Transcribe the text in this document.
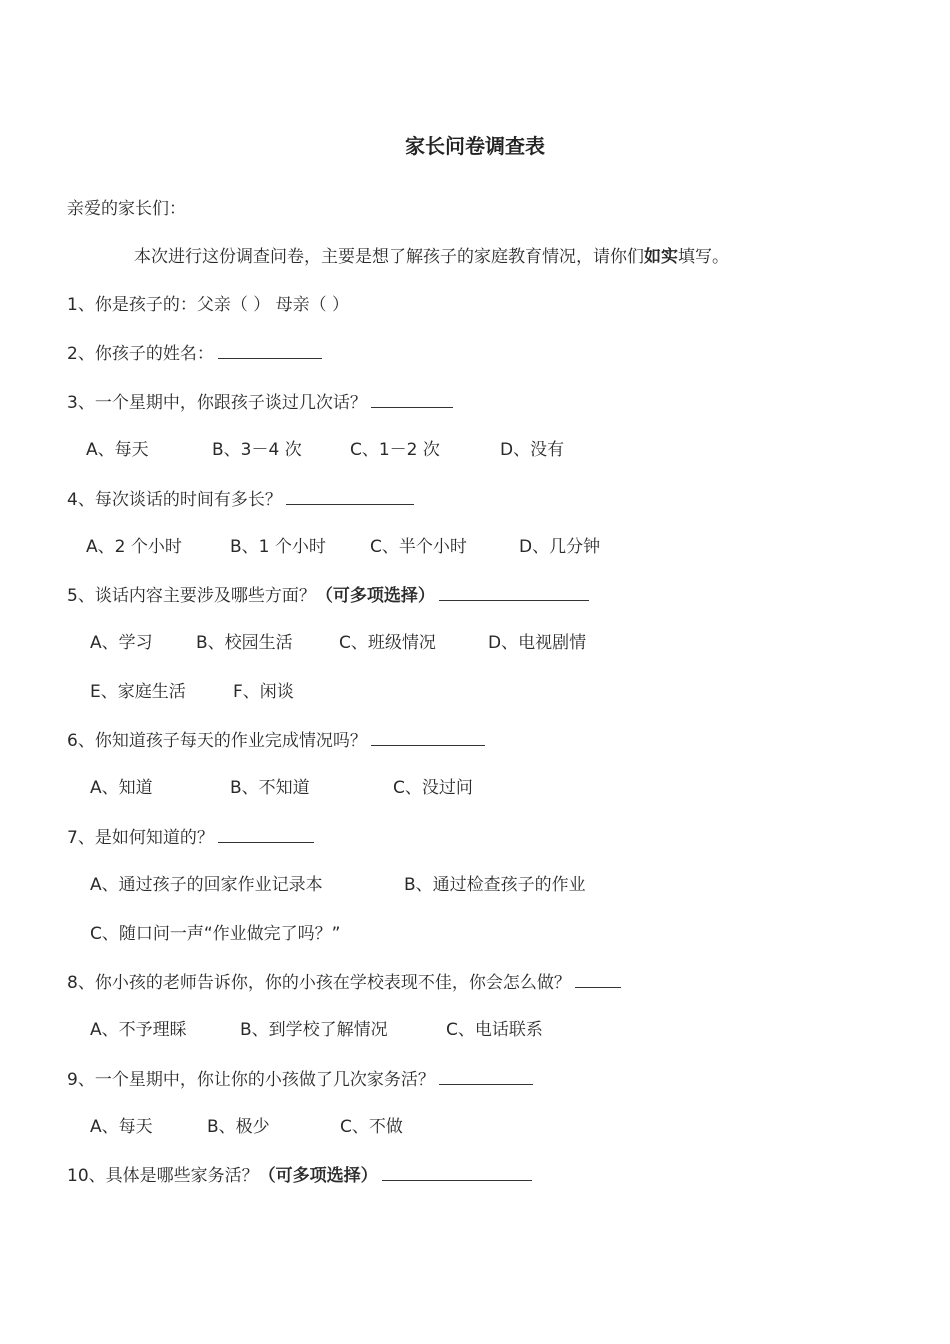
家长问卷调查表
亲爱的家长们：
本次进行这份调查问卷，主要是想了解孩子的家庭教育情况，请你们如实填写。
1、你是孩子的：父亲（ ） 母亲（ ）
2、你孩子的姓名：
3、一个星期中，你跟孩子谈过几次话？
A、每天	B、3－4 次	C、1－2 次	D、没有
4、每次谈话的时间有多长？
A、2 个小时	B、1 个小时	C、半个小时	D、几分钟
5、谈话内容主要涉及哪些方面？（可多项选择）
A、学习	B、校园生活	C、班级情况	D、电视剧情
E、家庭生活	F、闲谈
6、你知道孩子每天的作业完成情况吗？
A、知道	B、不知道	C、没过问
7、是如何知道的？
A、通过孩子的回家作业记录本	B、通过检查孩子的作业
C、随口问一声“作业做完了吗？”
8、你小孩的老师告诉你，你的小孩在学校表现不佳，你会怎么做？
A、不予理睬	B、到学校了解情况	C、电话联系
9、一个星期中，你让你的小孩做了几次家务活？
A、每天	B、极少	C、不做
10、具体是哪些家务活？（可多项选择）
